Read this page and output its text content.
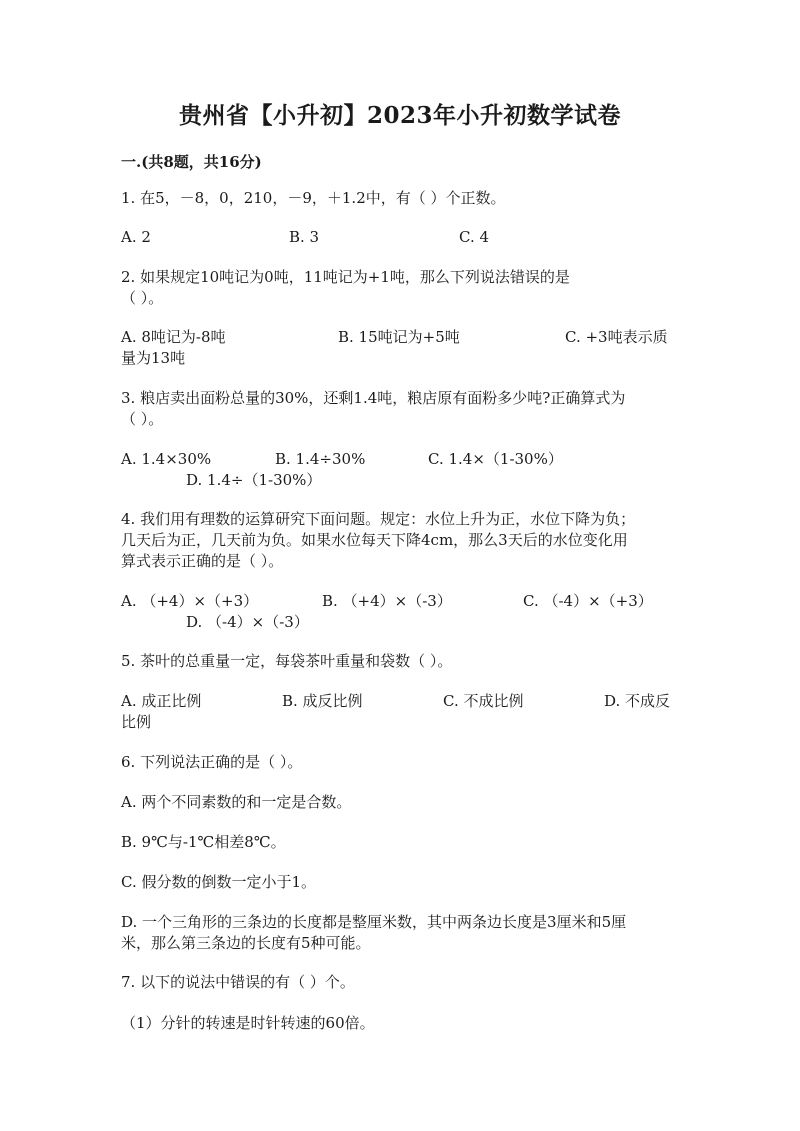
贵州省【小升初】2023年小升初数学试卷
一.(共8题，共16分)
1. 在5，－8，0，210，－9，＋1.2中，有（ ）个正数。
A. 2	B. 3	C. 4
2. 如果规定10吨记为0吨，11吨记为+1吨，那么下列说法错误的是
（ ）。
A. 8吨记为-8吨	B. 15吨记为+5吨	C. +3吨表示质
量为13吨
3. 粮店卖出面粉总量的30%，还剩1.4吨，粮店原有面粉多少吨?正确算式为
（ ）。
A. 1.4×30%	B. 1.4÷30%	C. 1.4×（1-30%）
D. 1.4÷（1-30%）
4. 我们用有理数的运算研究下面问题。规定：水位上升为正，水位下降为负；
几天后为正，几天前为负。如果水位每天下降4cm，那么3天后的水位变化用
算式表示正确的是（ ）。
A. （+4）×（+3）	B. （+4）×（-3）	C. （-4）×（+3）
D. （-4）×（-3）
5. 茶叶的总重量一定，每袋茶叶重量和袋数（ ）。
A. 成正比例	B. 成反比例	C. 不成比例	D. 不成反
比例
6. 下列说法正确的是（ ）。
A. 两个不同素数的和一定是合数。
B. 9℃与-1℃相差8℃。
C. 假分数的倒数一定小于1。
D. 一个三角形的三条边的长度都是整厘米数，其中两条边长度是3厘米和5厘
米，那么第三条边的长度有5种可能。
7. 以下的说法中错误的有（ ）个。
（1）分针的转速是时针转速的60倍。
